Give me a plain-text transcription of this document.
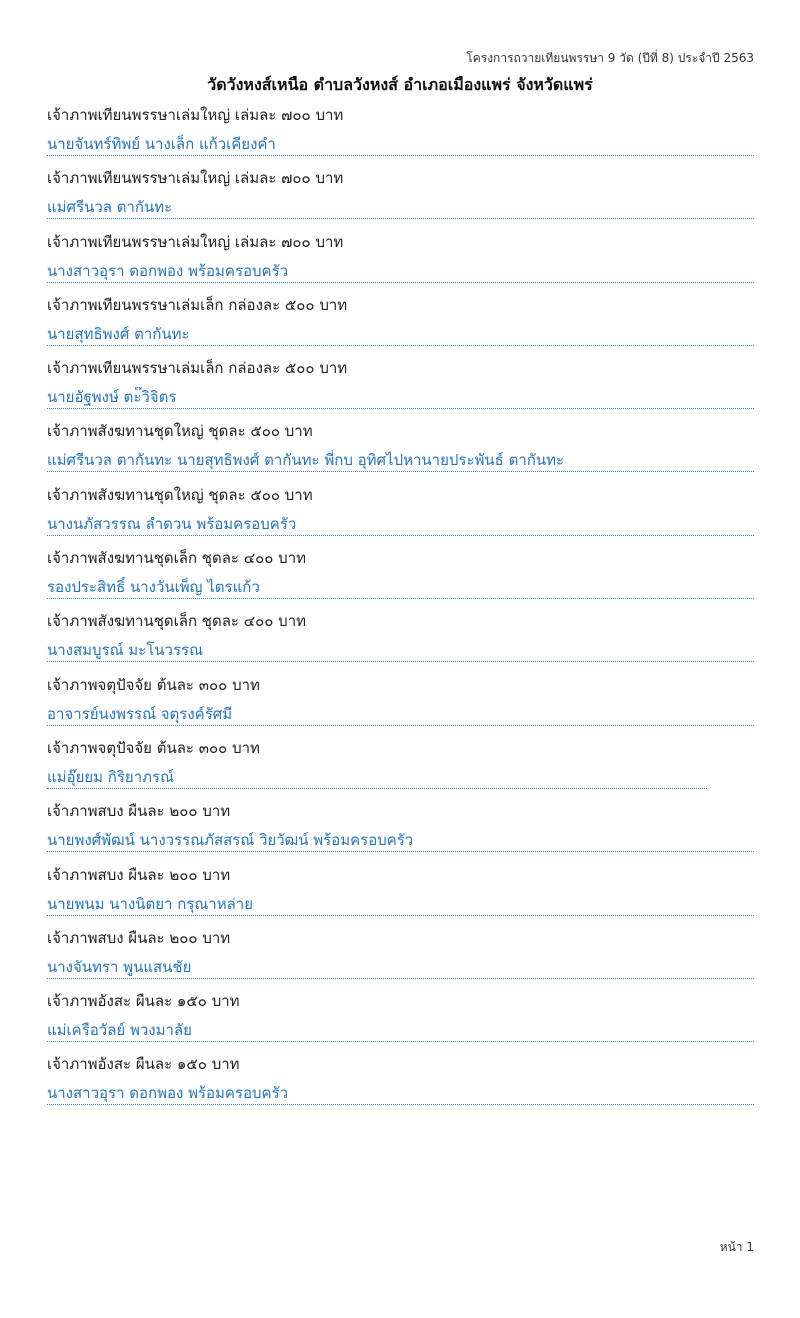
โครงการถวายเทียนพรรษา 9 วัด (ปีที่ 8) ประจำปี 2563
วัดวังหงส์เหนือ ตำบลวังหงส์ อำเภอเมืองแพร่ จังหวัดแพร่
เจ้าภาพเทียนพรรษาเล่มใหญ่ เล่มละ ๗๐๐ บาท
นายจันทร์ทิพย์ นางเล็ก แก้วเคียงคำ
เจ้าภาพเทียนพรรษาเล่มใหญ่ เล่มละ ๗๐๐ บาท
แม่ศรีนวล ตากันทะ
เจ้าภาพเทียนพรรษาเล่มใหญ่ เล่มละ ๗๐๐ บาท
นางสาวอุรา ดอกพอง พร้อมครอบครัว
เจ้าภาพเทียนพรรษาเล่มเล็ก กล่องละ ๕๐๐ บาท
นายสุทธิพงศ์ ตากันทะ
เจ้าภาพเทียนพรรษาเล่มเล็ก กล่องละ ๕๐๐ บาท
นายอัฐพงษ์ ตะ๊วิจิตร
เจ้าภาพสังฆทานชุดใหญ่ ชุดละ ๕๐๐ บาท
แม่ศรีนวล ตากันทะ นายสุทธิพงศ์ ตากันทะ พี่กบ อุทิศไปหานายประพันธ์ ตากันทะ
เจ้าภาพสังฆทานชุดใหญ่ ชุดละ ๕๐๐ บาท
นางนภัสวรรณ ลำดวน พร้อมครอบครัว
เจ้าภาพสังฆทานชุดเล็ก ชุดละ ๔๐๐ บาท
รองประสิทธิ์ นางวันเพ็ญ ไตรแก้ว
เจ้าภาพสังฆทานชุดเล็ก ชุดละ ๔๐๐ บาท
นางสมบูรณ์ มะโนวรรณ
เจ้าภาพจตุปัจจัย ต้นละ ๓๐๐ บาท
อาจารย์นงพรรณ์ จตุรงค์รัศมี
เจ้าภาพจตุปัจจัย ต้นละ ๓๐๐ บาท
แม่อุ๊ยยม กิริยาภรณ์
เจ้าภาพสบง ผืนละ ๒๐๐ บาท
นายพงศ์พัฒน์ นางวรรณภัสสรณ์ วิยวัฒน์ พร้อมครอบครัว
เจ้าภาพสบง ผืนละ ๒๐๐ บาท
นายพนม นางนิตยา กรุณาหล่าย
เจ้าภาพสบง ผืนละ ๒๐๐ บาท
นางจันทรา พูนแสนชัย
เจ้าภาพอังสะ ผืนละ ๑๕๐ บาท
แม่เครือวัลย์ พวงมาลัย
เจ้าภาพอังสะ ผืนละ ๑๕๐ บาท
นางสาวอุรา ดอกพอง พร้อมครอบครัว
หน้า 1
